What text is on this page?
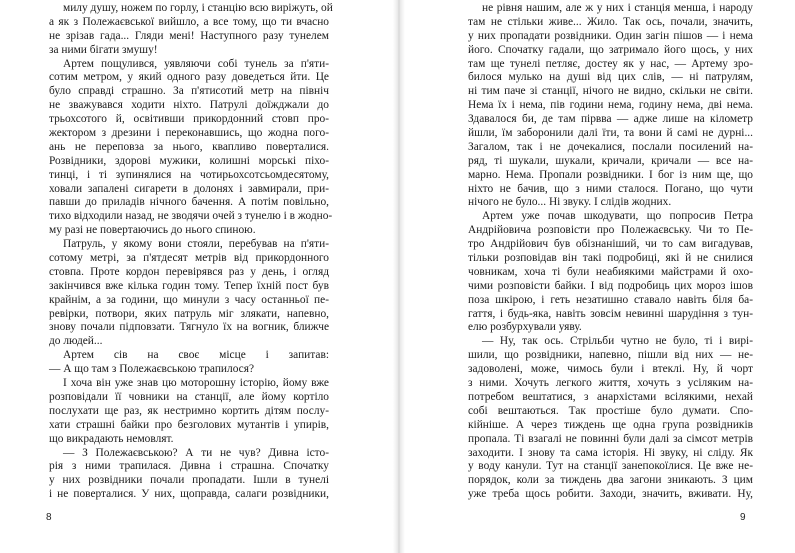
милу душу, ножем по горлу, і станцію всю виріжуть, ой
а як з Полежаєвської вийшло, а все тому, що ти вчасно
не зрізав гада... Гляди мені! Наступного разу тунелем
за ними бігати змушу!
Артем пощулився, уявляючи собі тунель за п'яти-
сотим метром, у який одного разу доведеться йти. Це
було справді страшно. За п'ятисотий метр на північ
не зважувався ходити ніхто. Патрулі доїжджали до
трьохсотого й, освітивши прикордонний стовп про-
жектором з дрезини і переконавшись, що жодна пого-
ань не переповза за нього, квапливо поверталися.
Розвідники, здорові мужики, колишні морські піхо-
тинці, і ті зупинялися на чотирьохсотсьомдесятому,
ховали запалені сигарети в долонях і завмирали, при-
павши до приладів нічного бачення. А потім повільно,
тихо відходили назад, не зводячи очей з тунелю і в жодно-
му разі не повертаючись до нього спиною.
Патруль, у якому вони стояли, перебував на п'яти-
сотому метрі, за п'ятдесят метрів від прикордонного
стовпа. Проте кордон перевірявся раз у день, і огляд
закінчився вже кілька годин тому. Тепер їхній пост був
крайнім, а за години, що минули з часу останньої пе-
ревірки, потвори, яких патруль міг злякати, напевно,
знову почали підповзати. Тягнуло їх на вогник, ближче
до людей...
Артем сів на своє місце і запитав:
— А що там з Полежаєвською трапилося?
І хоча він уже знав цю моторошну історію, йому вже
розповідали її човники на станції, але йому кортіло
послухати ще раз, як нестримно кортить дітям послу-
хати страшні байки про безголових мутантів і упирів,
що викрадають немовлят.
— З Полежаєвською? А ти не чув? Дивна істо-
рія з ними трапилася. Дивна і страшна. Спочатку
у них розвідники почали пропадати. Ішли в тунелі
і не поверталися. У них, щоправда, салаги розвідники,
8
не рівня нашим, але ж у них і станція менша, і народу
там не стільки живе... Жило. Так ось, почали, значить,
у них пропадати розвідники. Один загін пішов — і нема
його. Спочатку гадали, що затримало його щось, у них
там ще тунелі петляє, достеу як у нас, — Артему зро-
билося мулько на душі від цих слів, — ні патрулям,
ні тим паче зі станції, нічого не видно, скільки не світи.
Нема їх і нема, пів години нема, годину нема, дві нема.
Здавалося би, де там пірвва — адже лише на кілометр
йшли, їм заборонили далі їти, та вони й самі не дурні...
Загалом, так і не дочекалися, послали посилений на-
ряд, ті шукали, шукали, кричали, кричали — все на-
марно. Нема. Пропали розвідники. І бог із ним ще, що
ніхто не бачив, що з ними сталося. Погано, що чути
нічого не було... Ні звуку. І слідів жодних.
Артем уже почав шкодувати, що попросив Петра
Андрійовича розповісти про Полежаєвську. Чи то Пе-
тро Андрійович був обізнаніший, чи то сам вигадував,
тільки розповідав він такі подробиці, які й не снилися
човникам, хоча ті були неабиякими майстрами й охо-
чими розповісти байки. І від подробиць цих мороз ішов
поза шкірою, і геть незатишно ставало навіть біля ба-
гаття, і будь-яка, навіть зовсім невинні шарудіння з тун-
елю розбурхували уяву.
— Ну, так ось. Стрільби чутно не було, ті і вирі-
шили, що розвідники, напевно, пішли від них — не-
задоволені, може, чимось були і втеклі. Ну, й чорт
з ними. Хочуть легкого життя, хочуть з усіляким на-
потребом вештатися, з анархістами всілякими, нехай
собі вештаються. Так простіше було думати. Спо-
кійніше. А через тиждень ще одна група розвідників
пропала. Ті взагалі не повинні були далі за сімсот метрів
заходити. І знову та сама історія. Ні звуку, ні сліду. Як
у воду канули. Тут на станції занепокоїлися. Це вже не-
порядок, коли за тиждень два загони зникають. З цим
уже треба щось робити. Заходи, значить, вживати. Ну,
9
